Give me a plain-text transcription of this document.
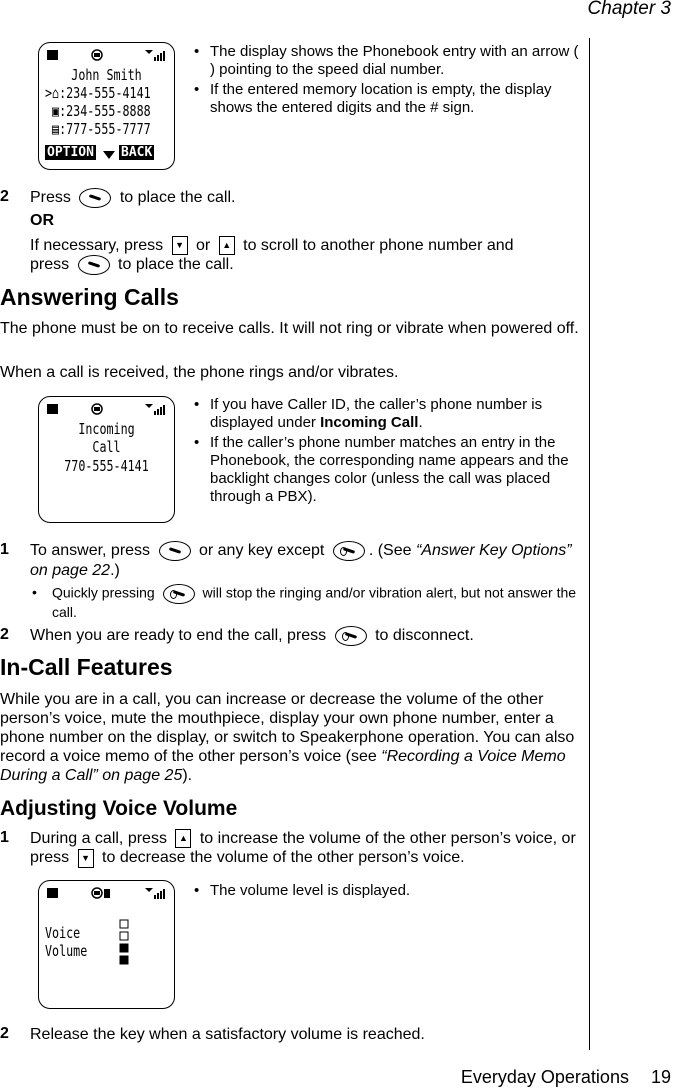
Chapter 3
John Smith
>⌂:234-555-4141
▣:234-555-8888
▤:777-555-7777
OPTION BACK
• The display shows the Phonebook entry with an arrow ( ) pointing to the speed dial number.
• If the entered memory location is empty, the display shows the entered digits and the # sign.
2 Press	to place the call.
OR
If necessary, press ▼ or ▲ to scroll to another phone number and
press	to place the call.
Answering Calls
The phone must be on to receive calls. It will not ring or vibrate when powered off.
When a call is received, the phone rings and/or vibrates.
Incoming
Call
770-555-4141
• If you have Caller ID, the caller’s phone number is displayed under Incoming Call.
• If the caller’s phone number matches an entry in the Phonebook, the corresponding name appears and the backlight changes color (unless the call was placed through a PBX).
1 To answer, press	or any key except	. (See “Answer Key Options” on page 22.)
• Quickly pressing	will stop the ringing and/or vibration alert, but not answer the call.
2 When you are ready to end the call, press	to disconnect.
In-Call Features
While you are in a call, you can increase or decrease the volume of the other person’s voice, mute the mouthpiece, display your own phone number, enter a phone number on the display, or switch to Speakerphone operation. You can also record a voice memo of the other person’s voice (see “Recording a Voice Memo During a Call” on page 25).
Adjusting Voice Volume
1 During a call, press ▲ to increase the volume of the other person’s voice, or press ▼ to decrease the volume of the other person’s voice.
Voice
Volume
• The volume level is displayed.
2 Release the key when a satisfactory volume is reached.
Everyday Operations 19
